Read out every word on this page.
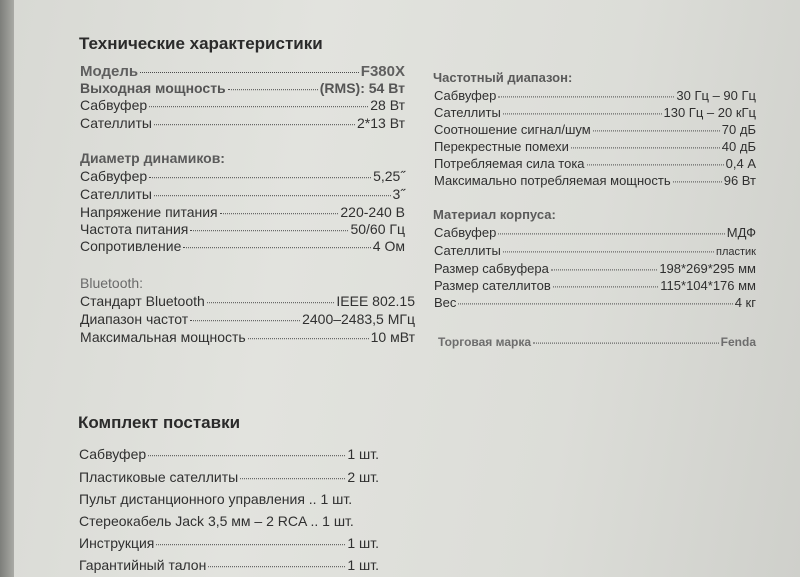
Технические характеристики
Модель	F380X
Выходная мощность	(RMS): 54 Вт
Сабвуфер	28 Вт
Сателлиты	2*13 Вт
Диаметр динамиков:
Сабвуфер	5,25˝
Сателлиты	3˝
Напряжение питания	220-240 В
Частота питания	50/60 Гц
Сопротивление	4 Ом
Bluetooth:
Стандарт Bluetooth	IEEE 802.15
Диапазон частот	2400–2483,5 МГц
Максимальная мощность	10 мВт
Частотный диапазон:
Сабвуфер	30 Гц – 90 Гц
Сателлиты	130 Гц – 20 кГц
Соотношение сигнал/шум	70 дБ
Перекрестные помехи	40 дБ
Потребляемая сила тока	0,4 А
Максимально потребляемая мощность	96 Вт
Материал корпуса:
Сабвуфер	МДФ
Сателлиты	пластик
Размер сабвуфера	198*269*295 мм
Размер сателлитов	115*104*176 мм
Вес	4 кг
Торговая марка	Fenda
Комплект поставки
Сабвуфер	1 шт.
Пластиковые сателлиты	2 шт.
Пульт дистанционного управления .. 1 шт.
Стереокабель Jack 3,5 мм – 2 RCA .. 1 шт.
Инструкция	1 шт.
Гарантийный талон	1 шт.
